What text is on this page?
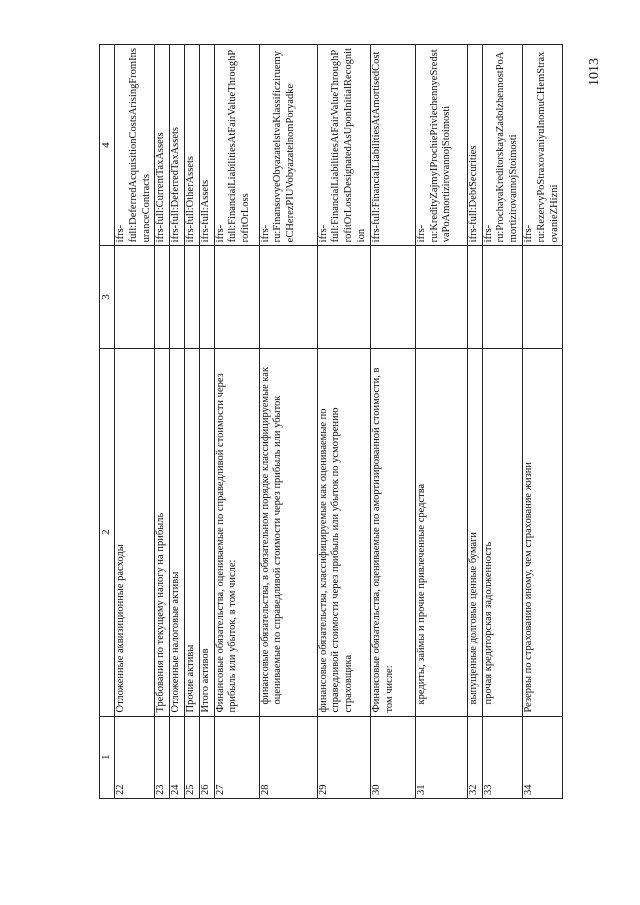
1013
1	2	3	4
22	Отложенные аквизиционные расходы		ifrs-full:DeferredAcquisitionCostsArisingFromInsuranceContracts
23	Требования по текущему налогу на прибыль		ifrs-full:CurrentTaxAssets
24	Отложенные налоговые активы		ifrs-full:DeferredTaxAssets
25	Прочие активы		ifrs-full:OtherAssets
26	Итого активов		ifrs-full:Assets
27	Финансовые обязательства, оцениваемые по справедливой стоимости через прибыль или убыток, в том числе:		ifrs-full:FinancialLiabilitiesAtFairValueThroughProfitOrLoss
28	финансовые обязательства, в обязательном порядке классифицируемые как оцениваемые по справедливой стоимости через прибыль или убыток		ifrs-ru:FinansovyeObyazatelstvaKlassificziruemyeCHerezPIUVobyazatelnomPoryadke
29	финансовые обязательства, классифицируемые как оцениваемые по справедливой стоимости через прибыль или убыток по усмотрению страховщика		ifrs-full:FinancialLiabilitiesAtFairValueThroughProfitOrLossDesignatedAsUponInitialRecognition
30	Финансовые обязательства, оцениваемые по амортизированной стоимости, в том числе:		ifrs-full:FinancialLiabilitiesAtAmortisedCost
31	кредиты, займы и прочие привлеченные средства		ifrs-ru:KredityZajmyIProchiePrivlechennyeSredstvaPoAmortizirovannojStoimosti
32	выпущенные долговые ценные бумаги		ifrs-full:DebtSecurities
33	прочая кредиторская задолженность		ifrs-ru:ProchayaKreditorskayaZadolzhennostPoAmortizirovannojStoimosti
34	Резервы по страхованию иному, чем страхование жизни		ifrs-ru:RezervyPoStraxovaniyuInomuCHemStraxovanieZHizni
